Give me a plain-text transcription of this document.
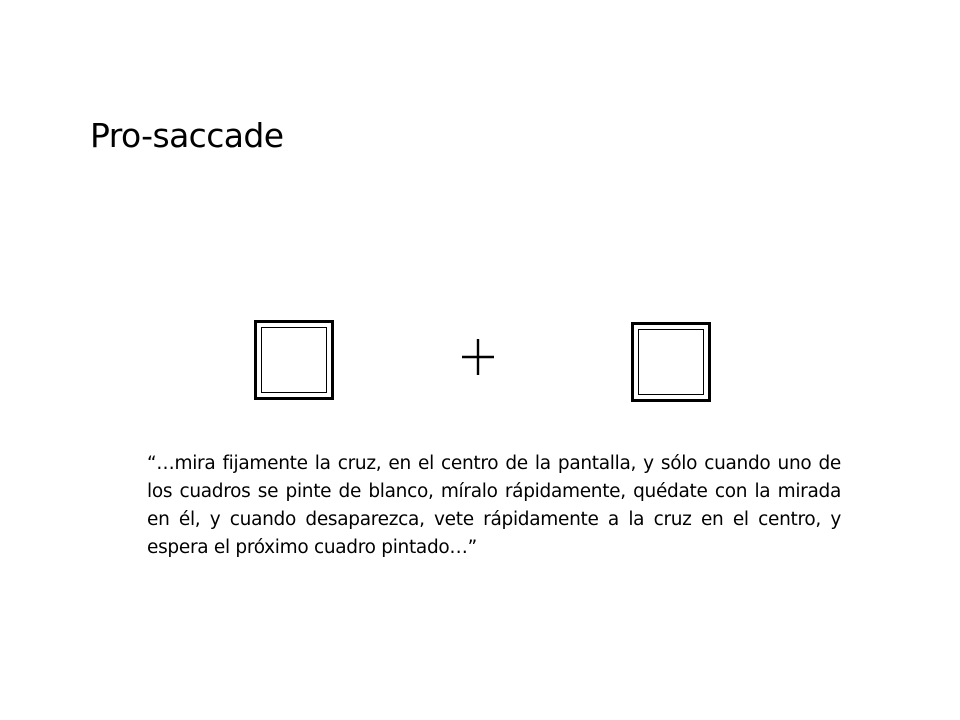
Pro-saccade
“…mira fijamente la cruz, en el centro de la pantalla, y sólo cuando uno de los cuadros se pinte de blanco, míralo rápidamente, quédate con la mirada en él, y cuando desaparezca, vete rápidamente a la cruz en el centro, y espera el próximo cuadro pintado…”
